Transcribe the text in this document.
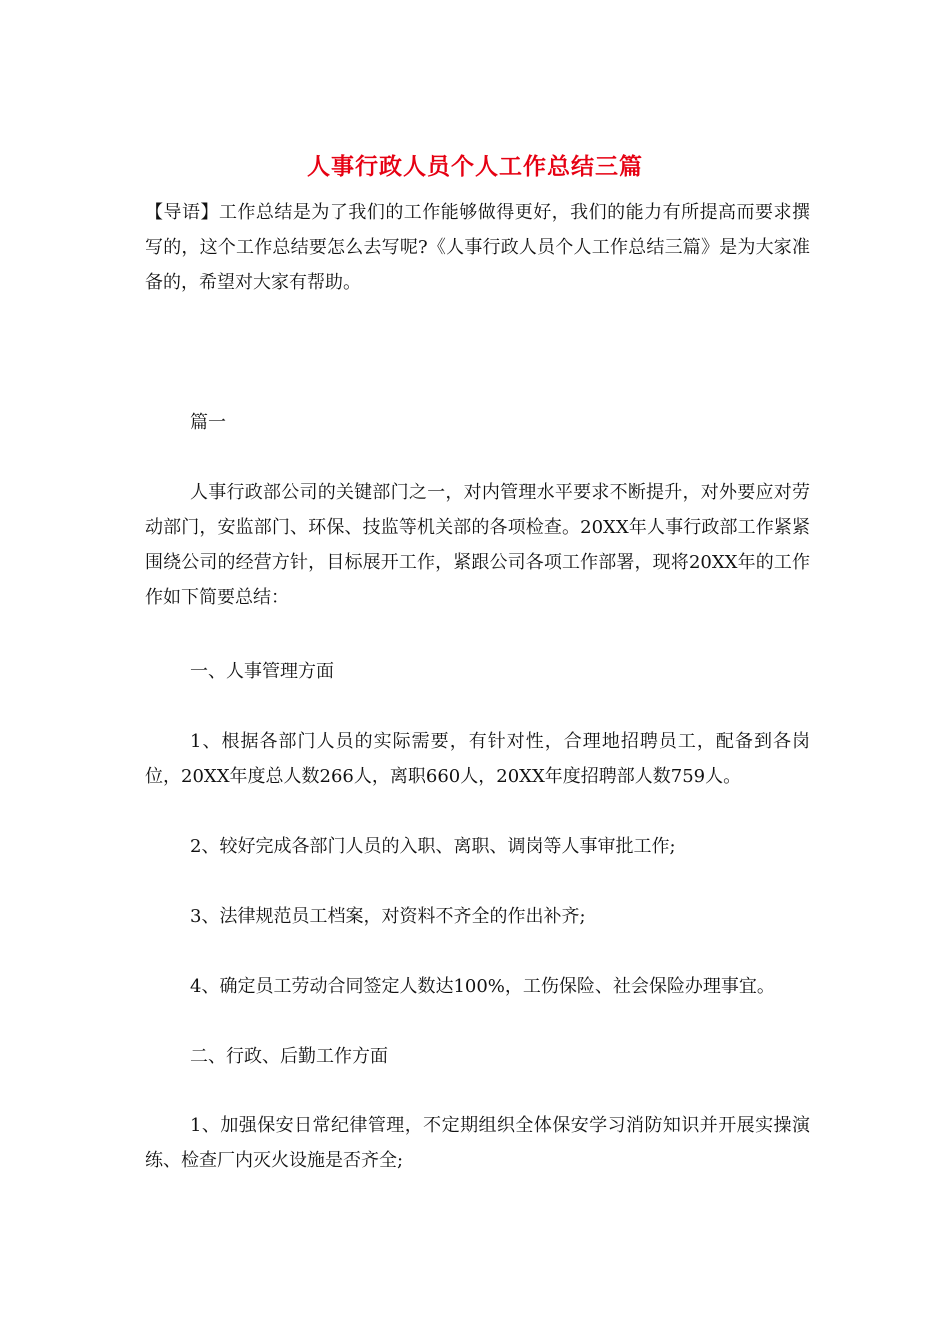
人事行政人员个人工作总结三篇

【导语】工作总结是为了我们的工作能够做得更好，我们的能力有所提高而要求撰写的，这个工作总结要怎么去写呢?《人事行政人员个人工作总结三篇》是为大家准备的，希望对大家有帮助。

篇一

人事行政部公司的关键部门之一，对内管理水平要求不断提升，对外要应对劳动部门，安监部门、环保、技监等机关部的各项检查。20XX年人事行政部工作紧紧围绕公司的经营方针，目标展开工作，紧跟公司各项工作部署，现将20XX年的工作作如下简要总结：

一、人事管理方面

1、根据各部门人员的实际需要，有针对性，合理地招聘员工，配备到各岗位，20XX年度总人数266人，离职660人，20XX年度招聘部人数759人。

2、较好完成各部门人员的入职、离职、调岗等人事审批工作;

3、法律规范员工档案，对资料不齐全的作出补齐;

4、确定员工劳动合同签定人数达100%，工伤保险、社会保险办理事宜。

二、行政、后勤工作方面

1、加强保安日常纪律管理，不定期组织全体保安学习消防知识并开展实操演练、检查厂内灭火设施是否齐全;
